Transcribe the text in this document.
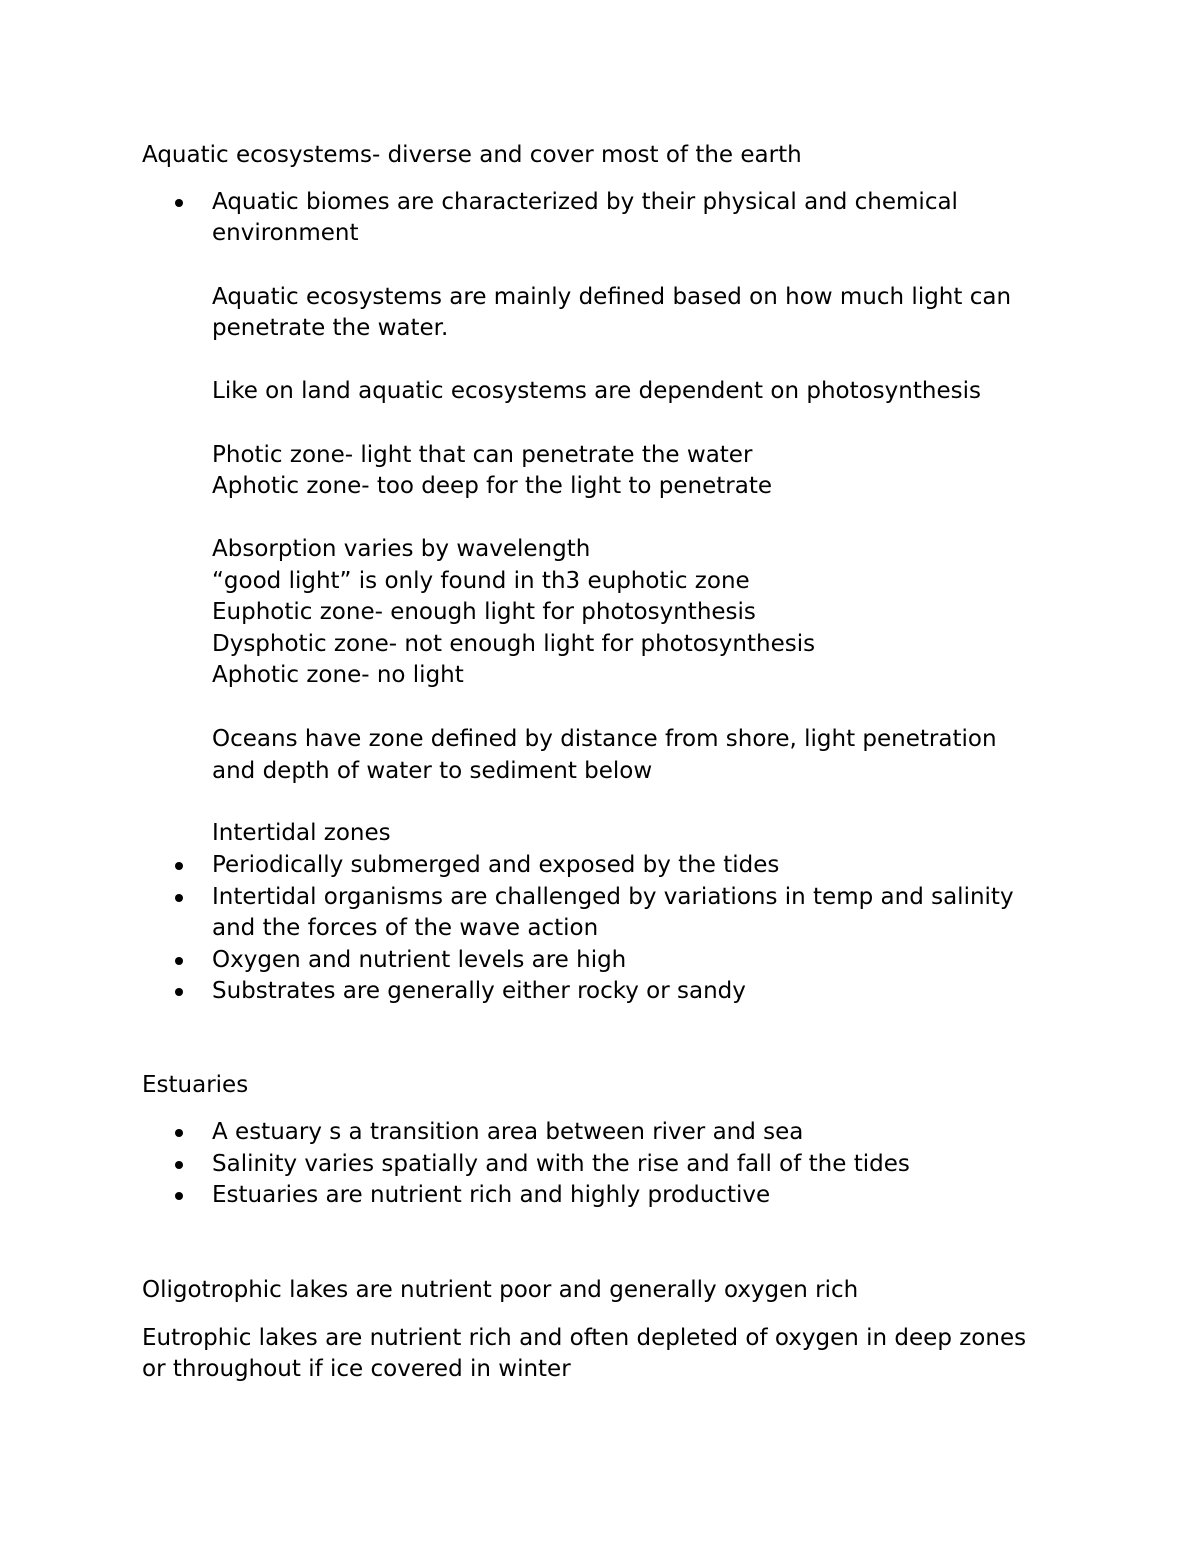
Aquatic ecosystems- diverse and cover most of the earth
Aquatic biomes are characterized by their physical and chemical
environment
Aquatic ecosystems are mainly defined based on how much light can
penetrate the water.
Like on land aquatic ecosystems are dependent on photosynthesis
Photic zone- light that can penetrate the water
Aphotic zone- too deep for the light to penetrate
Absorption varies by wavelength
“good light” is only found in th3 euphotic zone
Euphotic zone- enough light for photosynthesis
Dysphotic zone- not enough light for photosynthesis
Aphotic zone- no light
Oceans have zone defined by distance from shore, light penetration
and depth of water to sediment below
Intertidal zones
Periodically submerged and exposed by the tides
Intertidal organisms are challenged by variations in temp and salinity
and the forces of the wave action
Oxygen and nutrient levels are high
Substrates are generally either rocky or sandy
Estuaries
A estuary s a transition area between river and sea
Salinity varies spatially and with the rise and fall of the tides
Estuaries are nutrient rich and highly productive
Oligotrophic lakes are nutrient poor and generally oxygen rich
Eutrophic lakes are nutrient rich and often depleted of oxygen in deep zones
or throughout if ice covered in winter
